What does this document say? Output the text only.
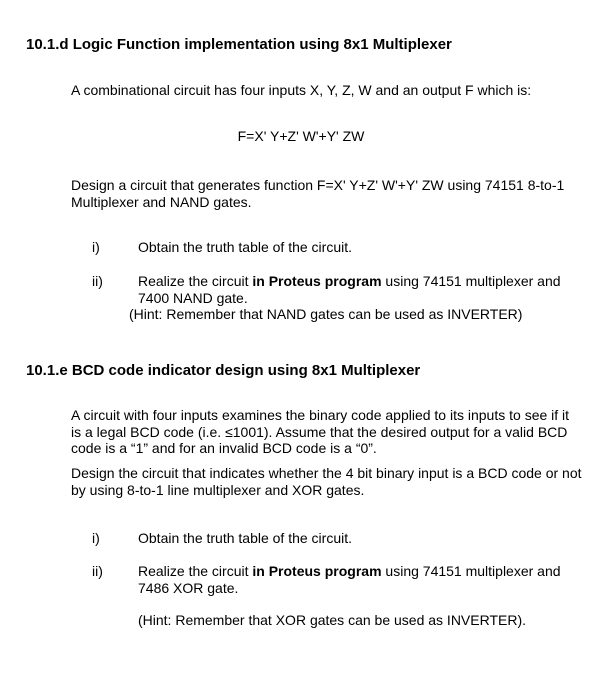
10.1.d Logic Function implementation using 8x1 Multiplexer
A combinational circuit has four inputs X, Y, Z, W and an output F which is:
F=X' Y+Z' W'+Y' ZW
Design a circuit that generates function F=X' Y+Z' W'+Y' ZW using 74151 8-to-1 Multiplexer and NAND gates.
i)	Obtain the truth table of the circuit.
ii)	Realize the circuit in Proteus program using 74151 multiplexer and 7400 NAND gate.
(Hint: Remember that NAND gates can be used as INVERTER)
10.1.e BCD code indicator design using 8x1 Multiplexer
A circuit with four inputs examines the binary code applied to its inputs to see if it is a legal BCD code (i.e. ≤1001). Assume that the desired output for a valid BCD code is a “1” and for an invalid BCD code is a “0”.
Design the circuit that indicates whether the 4 bit binary input is a BCD code or not by using 8-to-1 line multiplexer and XOR gates.
i)	Obtain the truth table of the circuit.
ii)	Realize the circuit in Proteus program using 74151 multiplexer and 7486 XOR gate.
(Hint: Remember that XOR gates can be used as INVERTER).
